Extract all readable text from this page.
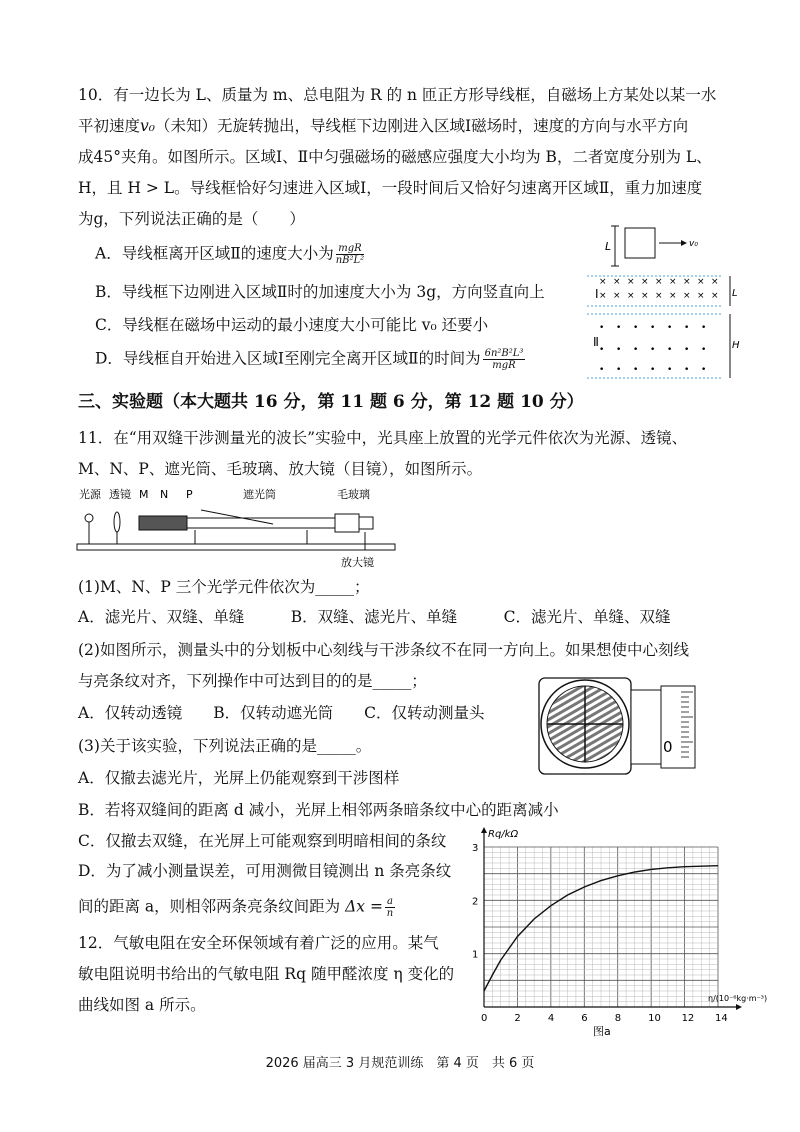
10．有一边长为 L、质量为 m、总电阻为 R 的 n 匝正方形导线框，自磁场上方某处以某一水
平初速度v₀（未知）无旋转抛出，导线框下边刚进入区域Ⅰ磁场时，速度的方向与水平方向
成45°夹角。如图所示。区域Ⅰ、Ⅱ中匀强磁场的磁感应强度大小均为 B，二者宽度分别为 L、
H，且 H > L。导线框恰好匀速进入区域Ⅰ，一段时间后又恰好匀速离开区域Ⅱ，重力加速度
为g，下列说法正确的是（　　）
A．导线框离开区域Ⅱ的速度大小为 $\frac{\text{mgR}}{\text{nB²L²}}$
B．导线框下边刚进入区域Ⅱ时的加速度大小为 3g，方向竖直向上
C．导线框在磁场中运动的最小速度大小可能比 v₀ 还要小
D．导线框自开始进入区域Ⅰ至刚完全离开区域Ⅱ的时间为 $\frac{\text{6n²B²L³}}{\text{mgR}}$
L	v₀
× × × × × × × × ×
× × × × × × × × ×
• • • • • • •
• • • • • • •
• • • • • • •
Ⅰ
Ⅱ
L
H
三、实验题（本大题共 16 分，第 11 题 6 分，第 12 题 10 分）
11．在“用双缝干涉测量光的波长”实验中，光具座上放置的光学元件依次为光源、透镜、
M、N、P、遮光筒、毛玻璃、放大镜（目镜），如图所示。
光源 透镜 M N P	遮光筒	毛玻璃
放大镜
(1)M、N、P 三个光学元件依次为_____；
A．滤光片、双缝、单缝　　　B．双缝、滤光片、单缝　　　C．滤光片、单缝、双缝
(2)如图所示，测量头中的分划板中心刻线与干涉条纹不在同一方向上。如果想使中心刻线
与亮条纹对齐，下列操作中可达到目的的是_____；
A．仅转动透镜　　B．仅转动遮光筒　　C．仅转动测量头
0
(3)关于该实验，下列说法正确的是_____。
A．仅撤去滤光片，光屏上仍能观察到干涉图样
B．若将双缝间的距离 d 减小，光屏上相邻两条暗条纹中心的距离减小
C．仅撤去双缝，在光屏上可能观察到明暗相间的条纹
D．为了减小测量误差，可用测微目镜测出 n 条亮条纹
间的距离 a，则相邻两条亮条纹间距为 $\Delta x = \frac{a}{n}$
12．气敏电阻在安全环保领域有着广泛的应用。某气
敏电阻说明书给出的气敏电阻 Rq 随甲醛浓度 η 变化的
曲线如图 a 所示。
0	2	4	6	8	10 12 14
1
2
3
Rq/kΩ
η/(10⁻⁶kg·m⁻³)
图a
2026 届高三 3 月规范训练　第 4 页　共 6 页
